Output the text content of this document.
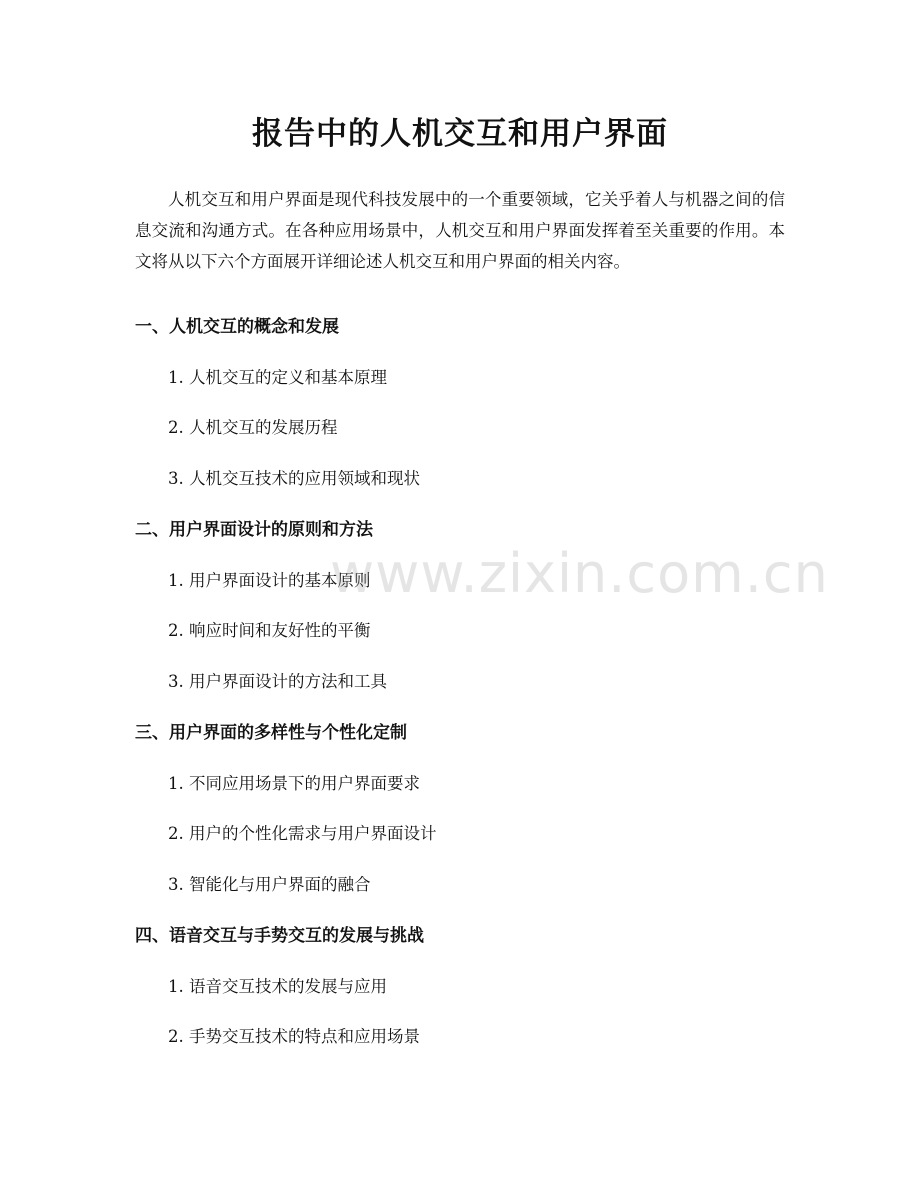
报告中的人机交互和用户界面

人机交互和用户界面是现代科技发展中的一个重要领域，它关乎着人与机器之间的信息交流和沟通方式。在各种应用场景中，人机交互和用户界面发挥着至关重要的作用。本文将从以下六个方面展开详细论述人机交互和用户界面的相关内容。

一、人机交互的概念和发展

1. 人机交互的定义和基本原理

2. 人机交互的发展历程

3. 人机交互技术的应用领域和现状

二、用户界面设计的原则和方法

1. 用户界面设计的基本原则

2. 响应时间和友好性的平衡

3. 用户界面设计的方法和工具

三、用户界面的多样性与个性化定制

1. 不同应用场景下的用户界面要求

2. 用户的个性化需求与用户界面设计

3. 智能化与用户界面的融合

四、语音交互与手势交互的发展与挑战

1. 语音交互技术的发展与应用

2. 手势交互技术的特点和应用场景

www.zixin.com.cn
